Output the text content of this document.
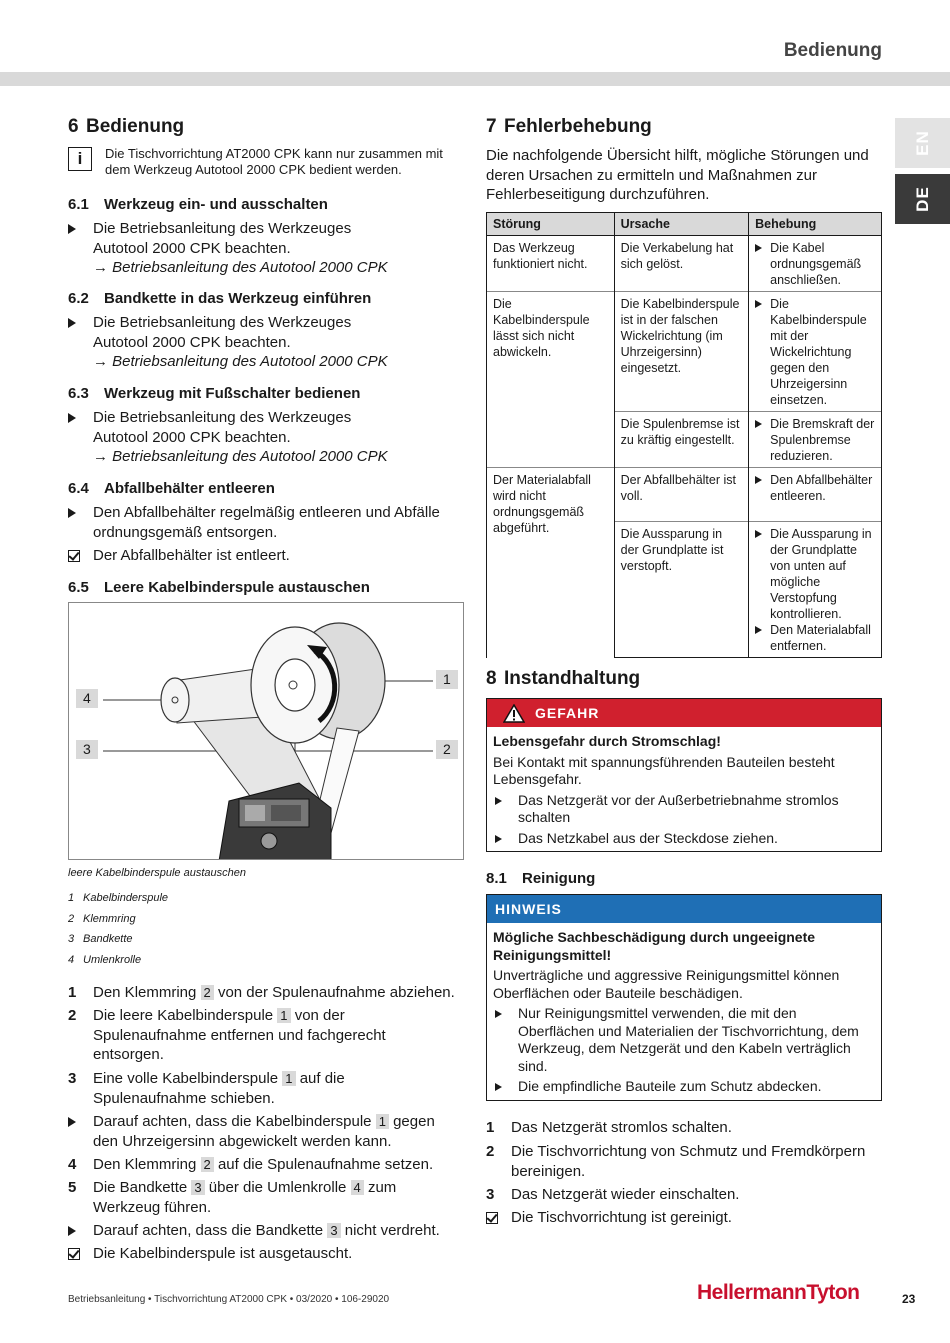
Bedienung
EN
DE
6 Bedienung
i	Die Tischvorrichtung AT2000 CPK kann nur zusammen mit dem Werkzeug Autotool 2000 CPK bedient werden.
6.1 Werkzeug ein- und ausschalten
Die Betriebsanleitung des Werkzeuges Autotool 2000 CPK beachten.
→ Betriebsanleitung des Autotool 2000 CPK
6.2 Bandkette in das Werkzeug einführen
Die Betriebsanleitung des Werkzeuges Autotool 2000 CPK beachten.
→ Betriebsanleitung des Autotool 2000 CPK
6.3 Werkzeug mit Fußschalter bedienen
Die Betriebsanleitung des Werkzeuges Autotool 2000 CPK beachten.
→ Betriebsanleitung des Autotool 2000 CPK
6.4 Abfallbehälter entleeren
Den Abfallbehälter regelmäßig entleeren und Abfälle ordnungsgemäß entsorgen.
Der Abfallbehälter ist entleert.
6.5 Leere Kabelbinderspule austauschen
4
3
1
2
leere Kabelbinderspule austauschen
1 Kabelbinderspule
2 Klemmring
3 Bandkette
4 Umlenkrolle
1	Den Klemmring 2 von der Spulenaufnahme abziehen.
2	Die leere Kabelbinderspule 1 von der Spulenaufnahme entfernen und fachgerecht entsorgen.
3	Eine volle Kabelbinderspule 1 auf die Spulenaufnahme schieben.
Darauf achten, dass die Kabelbinderspule 1 gegen den Uhrzeigersinn abgewickelt werden kann.
4	Den Klemmring 2 auf die Spulenaufnahme setzen.
5	Die Bandkette 3 über die Umlenkrolle 4 zum Werkzeug führen.
Darauf achten, dass die Bandkette 3 nicht verdreht.
Die Kabelbinderspule ist ausgetauscht.
7 Fehlerbehebung
Die nachfolgende Übersicht hilft, mögliche Störungen und deren Ursachen zu ermitteln und Maßnahmen zur Fehlerbeseitigung durchzuführen.
Störung	Ursache	Behebung
Das Werkzeug funktioniert nicht.	Die Verkabelung hat sich gelöst.	Die Kabel ordnungsgemäß anschließen.

Die Kabelbinderspule lässt sich nicht abwickeln.	Die Kabelbinderspule ist in der falschen Wickelrichtung (im Uhrzeigersinn) eingesetzt.	Die Kabelbinderspule mit der Wickelrichtung gegen den Uhrzeigersinn einsetzen.

	Die Spulenbremse ist zu kräftig eingestellt.	Die Bremskraft der Spulenbremse reduzieren.

Der Materialabfall wird nicht ordnungsgemäß abgeführt.	Der Abfallbehälter ist voll.	Den Abfallbehälter entleeren.

	Die Aussparung in der Grundplatte ist verstopft.	Die Aussparung in der Grundplatte von unten auf mögliche Verstopfung kontrollieren.
Den Materialabfall entfernen.
8 Instandhaltung
GEFAHR
Lebensgefahr durch Stromschlag!
Bei Kontakt mit spannungsführenden Bauteilen besteht Lebensgefahr.
Das Netzgerät vor der Außerbetriebnahme stromlos schalten
Das Netzkabel aus der Steckdose ziehen.
8.1 Reinigung
HINWEIS
Mögliche Sachbeschädigung durch ungeeignete Reinigungsmittel!
Unverträgliche und aggressive Reinigungsmittel können Oberflächen oder Bauteile beschädigen.
Nur Reinigungsmittel verwenden, die mit den Oberflächen und Materialien der Tischvorrichtung, dem Werkzeug, dem Netzgerät und den Kabeln verträglich sind.
Die empfindliche Bauteile zum Schutz abdecken.
1	Das Netzgerät stromlos schalten.
2	Die Tischvorrichtung von Schmutz und Fremdkörpern bereinigen.
3	Das Netzgerät wieder einschalten.
Die Tischvorrichtung ist gereinigt.
Betriebsanleitung • Tischvorrichtung AT2000 CPK • 03/2020 • 106-29020	HellermannTyton	23
